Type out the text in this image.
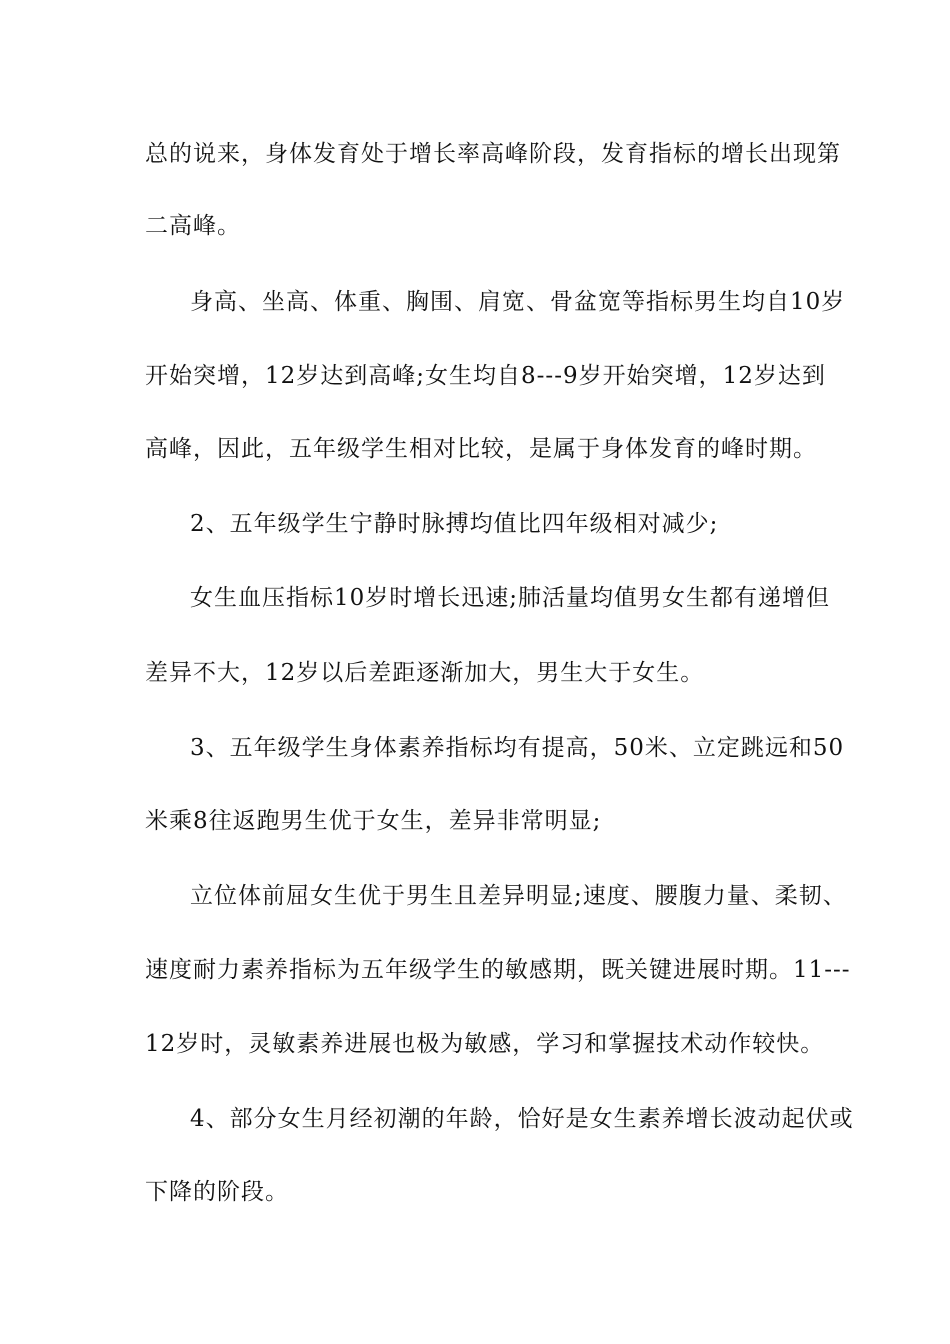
总的说来，身体发育处于增长率高峰阶段，发育指标的增长出现第
二高峰。
身高、坐高、体重、胸围、肩宽、骨盆宽等指标男生均自10岁
开始突增，12岁达到高峰;女生均自8---9岁开始突增，12岁达到
高峰，因此，五年级学生相对比较，是属于身体发育的峰时期。
2、五年级学生宁静时脉搏均值比四年级相对减少;
女生血压指标10岁时增长迅速;肺活量均值男女生都有递增但
差异不大，12岁以后差距逐渐加大，男生大于女生。
3、五年级学生身体素养指标均有提高，50米、立定跳远和50
米乘8往返跑男生优于女生，差异非常明显;
立位体前屈女生优于男生且差异明显;速度、腰腹力量、柔韧、
速度耐力素养指标为五年级学生的敏感期，既关键进展时期。11---
12岁时，灵敏素养进展也极为敏感，学习和掌握技术动作较快。
4、部分女生月经初潮的年龄，恰好是女生素养增长波动起伏或
下降的阶段。
